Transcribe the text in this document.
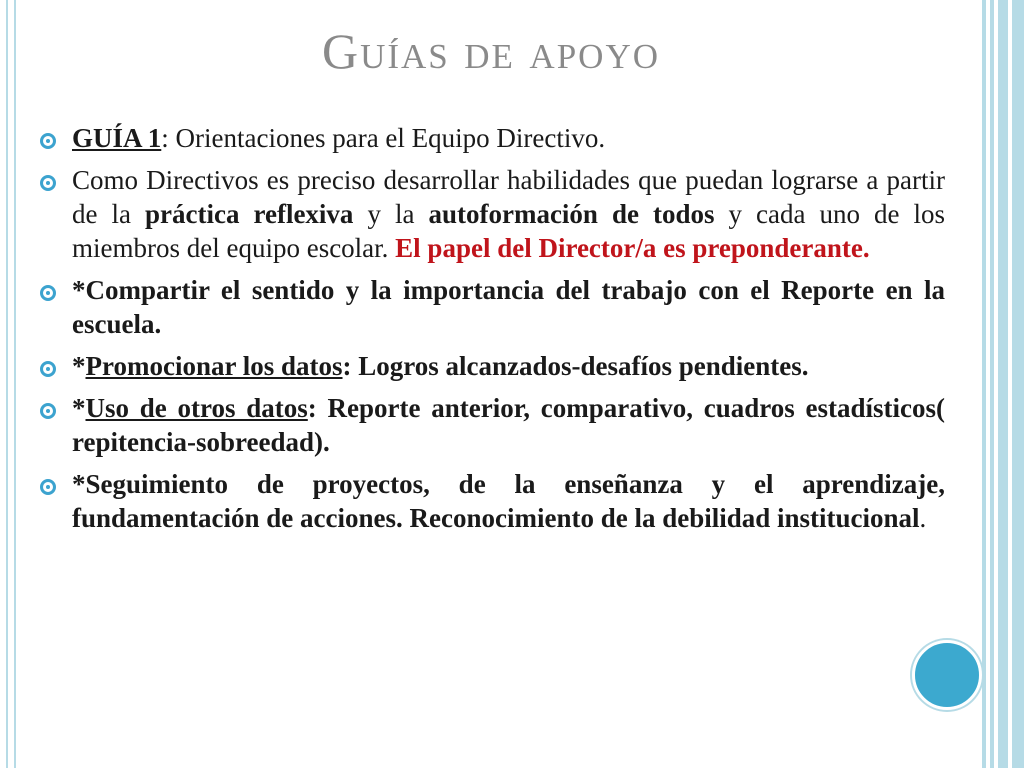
Guías de apoyo
GUÍA 1: Orientaciones para el Equipo Directivo.
Como Directivos es preciso desarrollar habilidades que puedan lograrse a partir de la práctica reflexiva y la autoformación de todos y cada uno de los miembros del equipo escolar. El papel del Director/a es preponderante.
*Compartir el sentido y la importancia del trabajo con el Reporte en la escuela.
*Promocionar los datos: Logros alcanzados-desafíos pendientes.
*Uso de otros datos: Reporte anterior, comparativo, cuadros estadísticos( repitencia-sobreedad).
*Seguimiento de proyectos, de la enseñanza y el aprendizaje, fundamentación de acciones. Reconocimiento de la debilidad institucional.
